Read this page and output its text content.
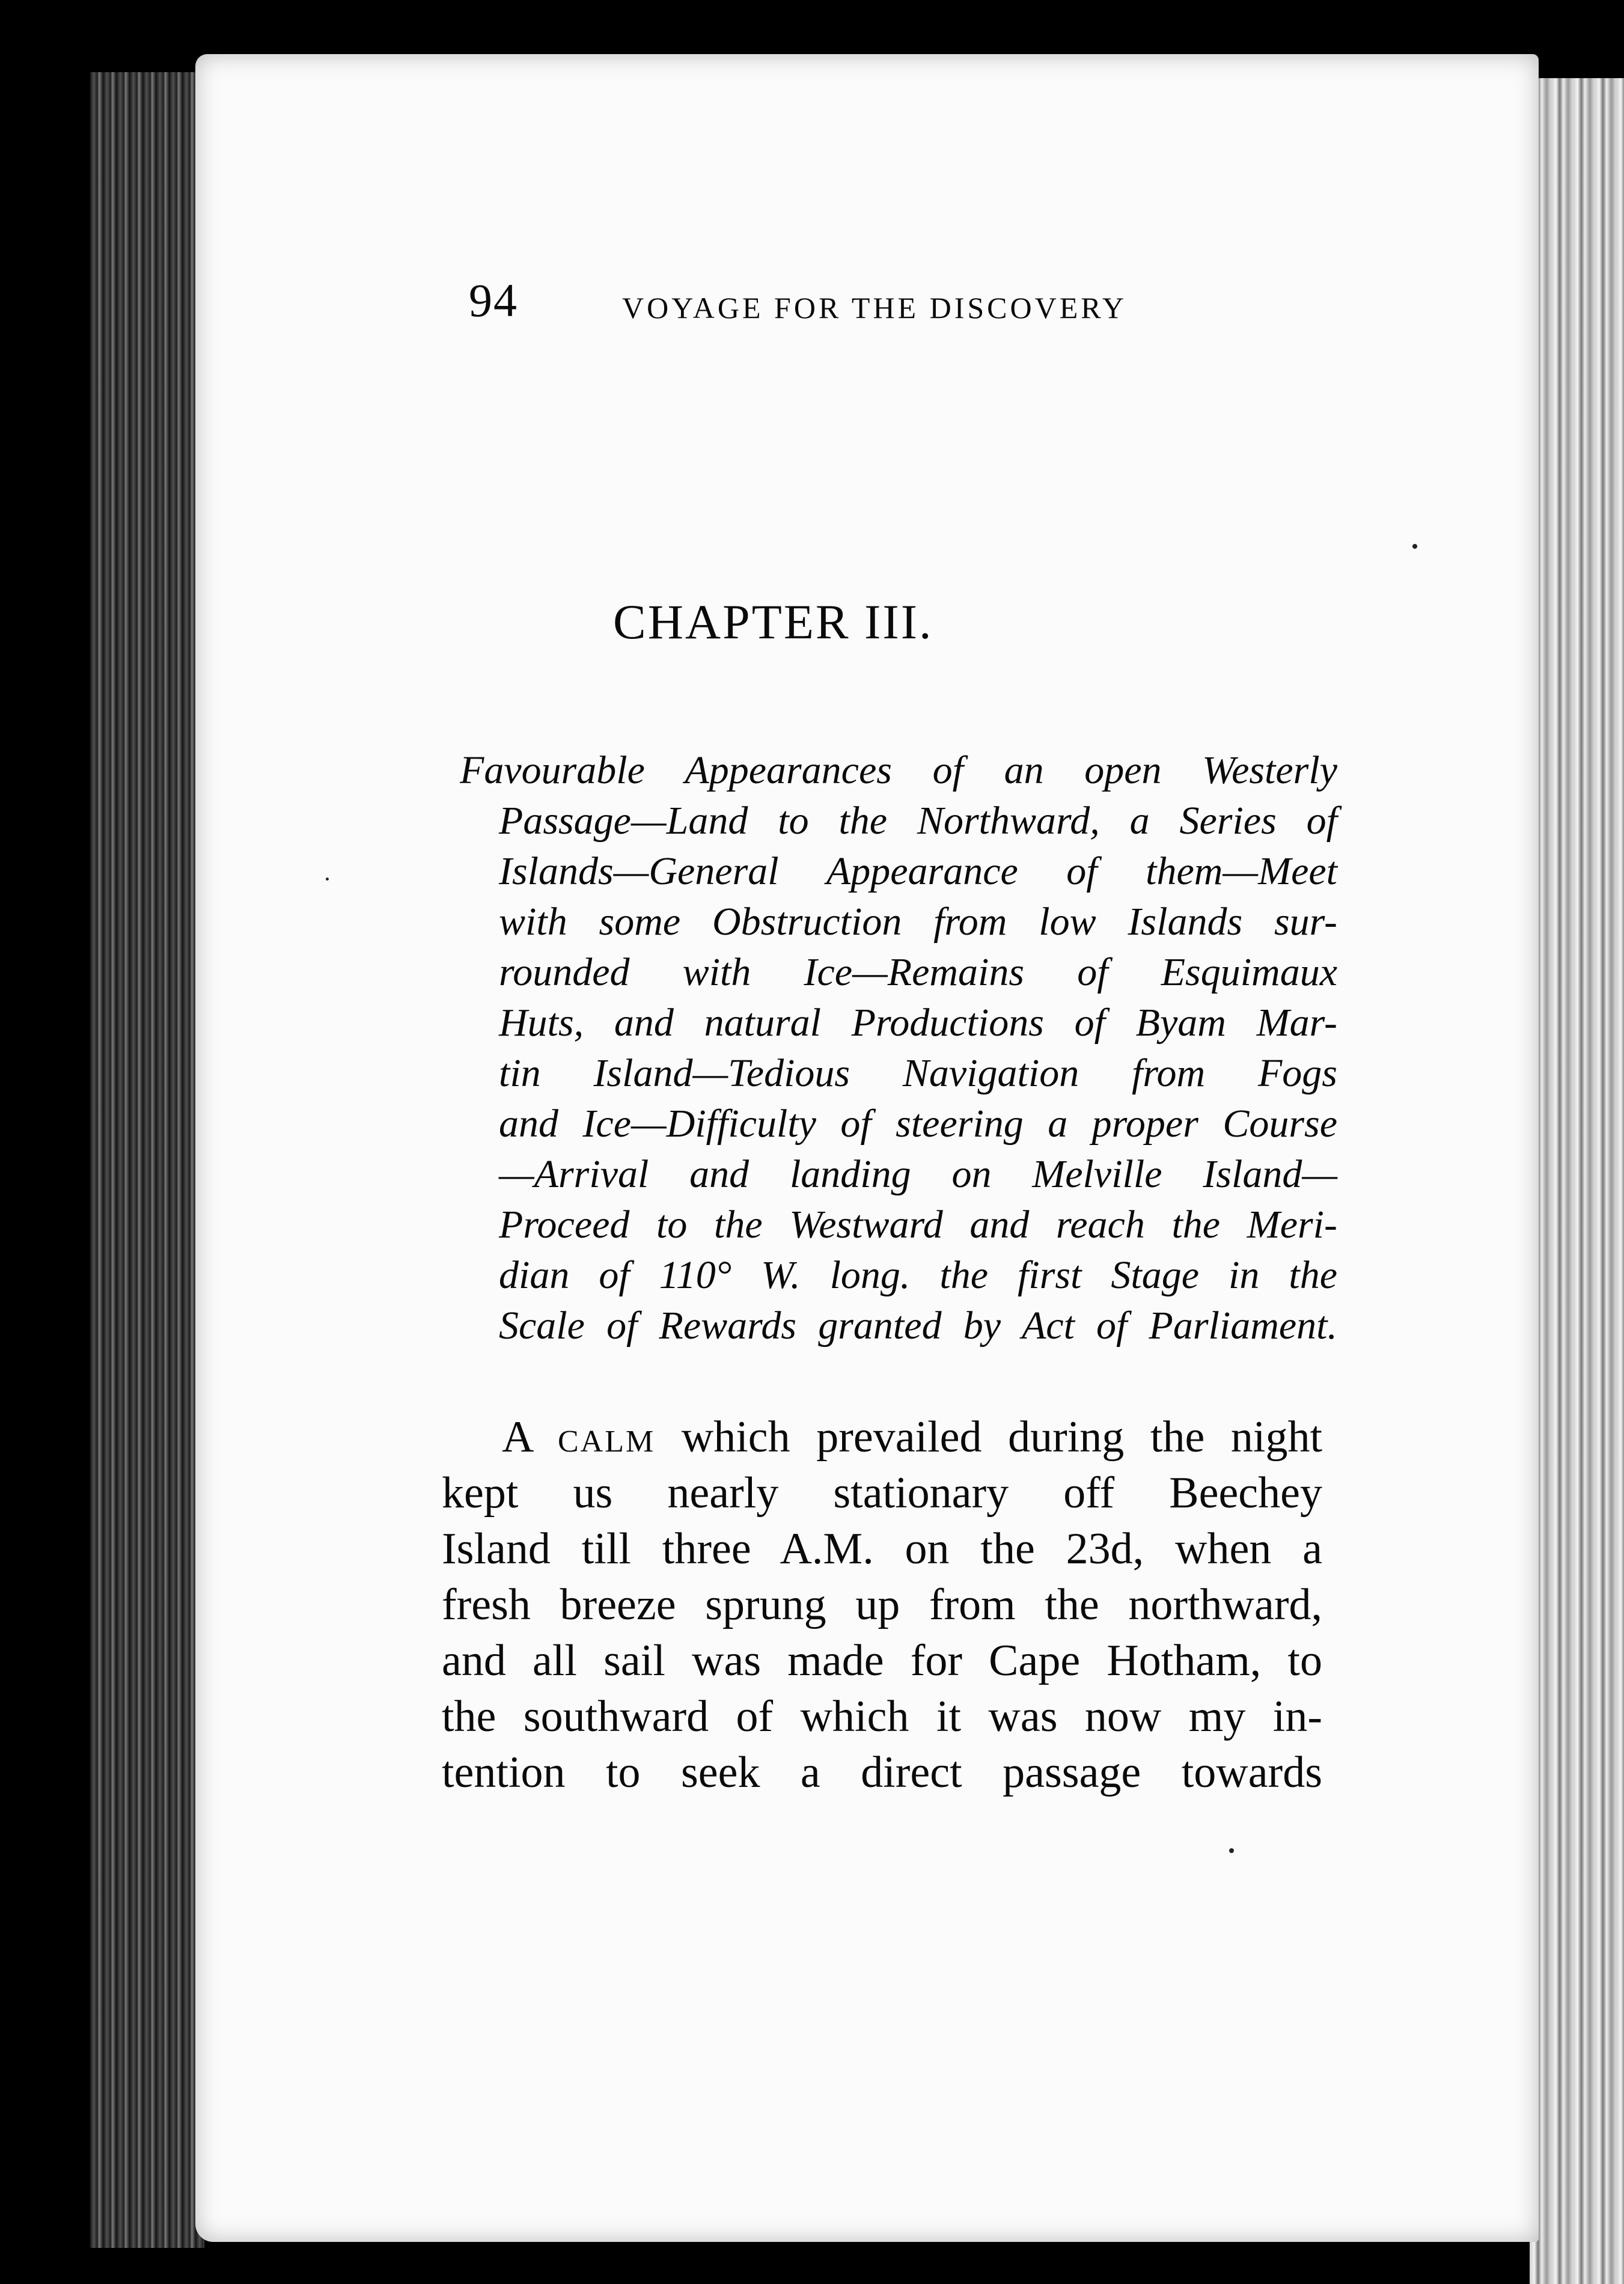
94	VOYAGE FOR THE DISCOVERY
CHAPTER III.
Favourable Appearances of an open Westerly
Passage—Land to the Northward, a Series of
Islands—General Appearance of them—Meet
with some Obstruction from low Islands sur-
rounded with Ice—Remains of Esquimaux
Huts, and natural Productions of Byam Mar-
tin Island—Tedious Navigation from Fogs
and Ice—Difficulty of steering a proper Course
—Arrival and landing on Melville Island—
Proceed to the Westward and reach the Meri-
dian of 110° W. long. the first Stage in the
Scale of Rewards granted by Act of Parliament.
A calm which prevailed during the night
kept us nearly stationary off Beechey
Island till three A.M. on the 23d, when a
fresh breeze sprung up from the northward,
and all sail was made for Cape Hotham, to
the southward of which it was now my in-
tention to seek a direct passage towards
